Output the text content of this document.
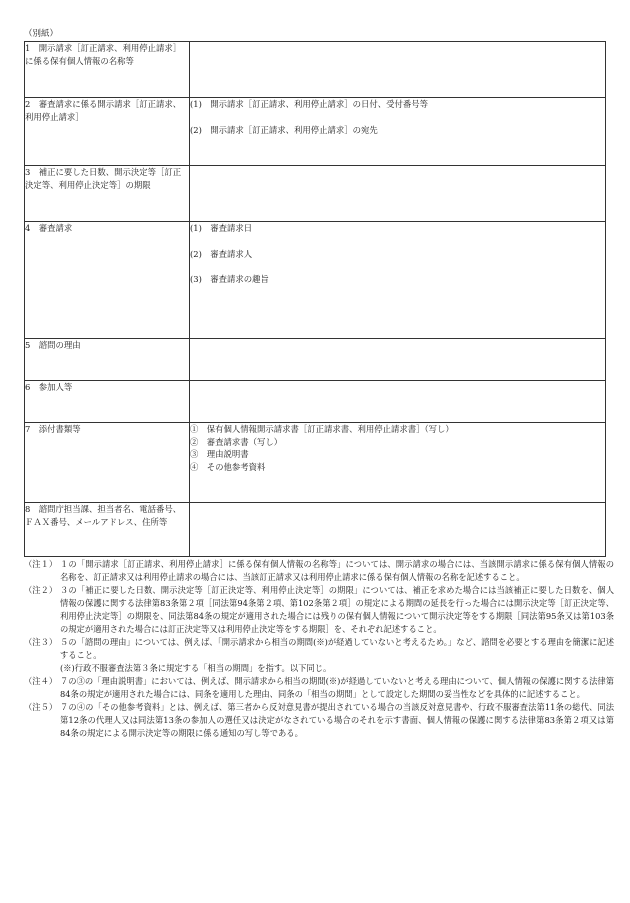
（別紙）
1　開示請求［訂正請求、利用停止請求］に係る保有個人情報の名称等	
2　審査請求に係る開示請求［訂正請求、利用停止請求］	(1)　開示請求［訂正請求、利用停止請求］の日付、受付番号等
(2)　開示請求［訂正請求、利用停止請求］の宛先

3　補正に要した日数、開示決定等［訂正決定等、利用停止決定等］の期限	
4　審査請求	(1)　審査請求日
(2)　審査請求人
(3)　審査請求の趣旨

5　諮問の理由	
6　参加人等	
7　添付書類等	①　保有個人情報開示請求書［訂正請求書、利用停止請求書］（写し）
②　審査請求書（写し）
③　理由説明書
④　その他参考資料

8　諮問庁担当課、担当者名、電話番号、ＦＡＸ番号、メールアドレス、住所等	
（注１） １の「開示請求［訂正請求、利用停止請求］に係る保有個人情報の名称等」については、開示請求の場合には、当該開示請求に係る保有個人情報の名称を、訂正請求又は利用停止請求の場合には、当該訂正請求又は利用停止請求に係る保有個人情報の名称を記述すること。
（注２） ３の「補正に要した日数、開示決定等［訂正決定等、利用停止決定等］の期限」については、補正を求めた場合には当該補正に要した日数を、個人情報の保護に関する法律第83条第２項［同法第94条第２項、第102条第２項］の規定による期間の延長を行った場合には開示決定等［訂正決定等、利用停止決定等］の期限を、同法第84条の規定が適用された場合には残りの保有個人情報について開示決定等をする期限［同法第95条又は第103条の規定が適用された場合には訂正決定等又は利用停止決定等をする期限］を、それぞれ記述すること。
（注３） ５の「諮問の理由」については、例えば、「開示請求から相当の期間(※)が経過していないと考えるため。」など、諮問を必要とする理由を簡潔に記述すること。
(※)行政不服審査法第３条に規定する「相当の期間」を指す。以下同じ。
（注４） ７の③の「理由説明書」においては、例えば、開示請求から相当の期間(※)が経過していないと考える理由について、個人情報の保護に関する法律第84条の規定が適用された場合には、同条を適用した理由、同条の「相当の期間」として設定した期間の妥当性などを具体的に記述すること。
（注５） ７の④の「その他参考資料」とは、例えば、第三者から反対意見書が提出されている場合の当該反対意見書や、行政不服審査法第11条の総代、同法第12条の代理人又は同法第13条の参加人の選任又は決定がなされている場合のそれを示す書面、個人情報の保護に関する法律第83条第２項又は第84条の規定による開示決定等の期限に係る通知の写し等である。
